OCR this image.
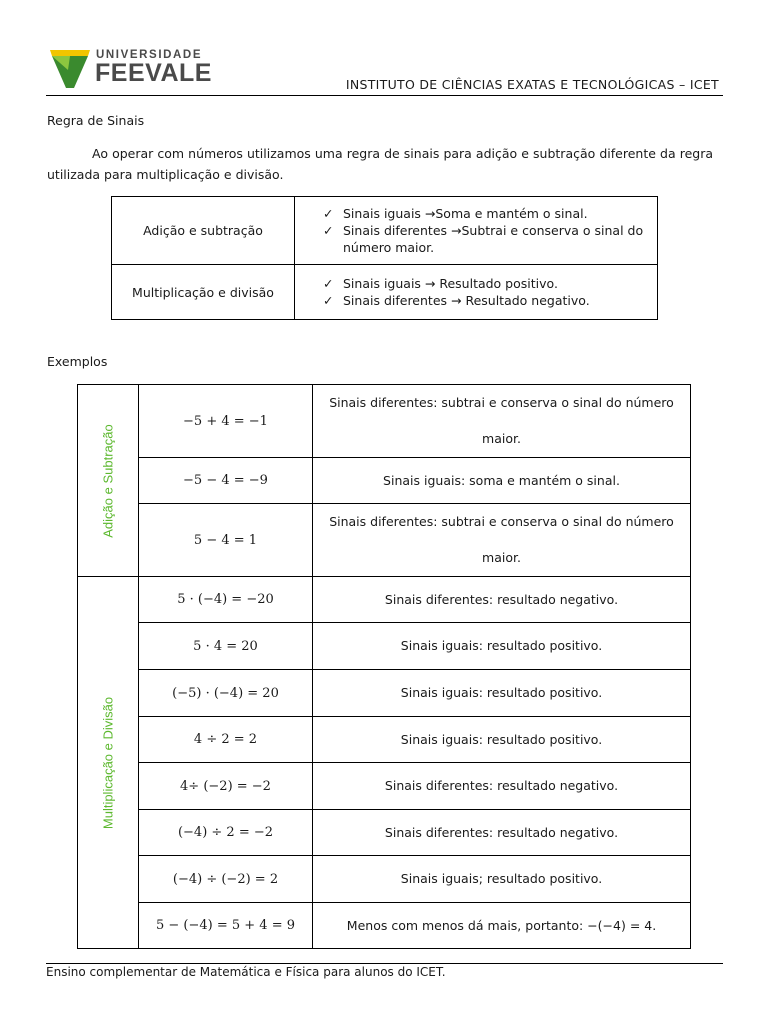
UNIVERSIDADE
FEEVALE	INSTITUTO DE CIÊNCIAS EXATAS E TECNOLÓGICAS – ICET
Regra de Sinais
Ao operar com números utilizamos uma regra de sinais para adição e subtração diferente da regra utilizada para multiplicação e divisão.
Adição e subtração	✓ Sinais iguais →Soma e mantém o sinal.
✓ Sinais diferentes →Subtrai e conserva o sinal do número maior.

Multiplicação e divisão	✓ Sinais iguais → Resultado positivo.
✓ Sinais diferentes → Resultado negativo.
Exemplos
Adição e Subtração	−5 + 4 = −1	Sinais diferentes: subtrai e conserva o sinal do número maior.
	−5 − 4 = −9	Sinais iguais: soma e mantém o sinal.
	5 − 4 = 1	Sinais diferentes: subtrai e conserva o sinal do número maior.

Multiplicação e Divisão	5 · (−4) = −20	Sinais diferentes: resultado negativo.
	5 · 4 = 20	Sinais iguais: resultado positivo.
	(−5) · (−4) = 20	Sinais iguais: resultado positivo.
	4 ÷ 2 = 2	Sinais iguais: resultado positivo.
	4÷ (−2) = −2	Sinais diferentes: resultado negativo.
	(−4) ÷ 2 = −2	Sinais diferentes: resultado negativo.
	(−4) ÷ (−2) = 2	Sinais iguais; resultado positivo.
	5 − (−4) = 5 + 4 = 9	Menos com menos dá mais, portanto: −(−4) = 4.
Ensino complementar de Matemática e Física para alunos do ICET.
